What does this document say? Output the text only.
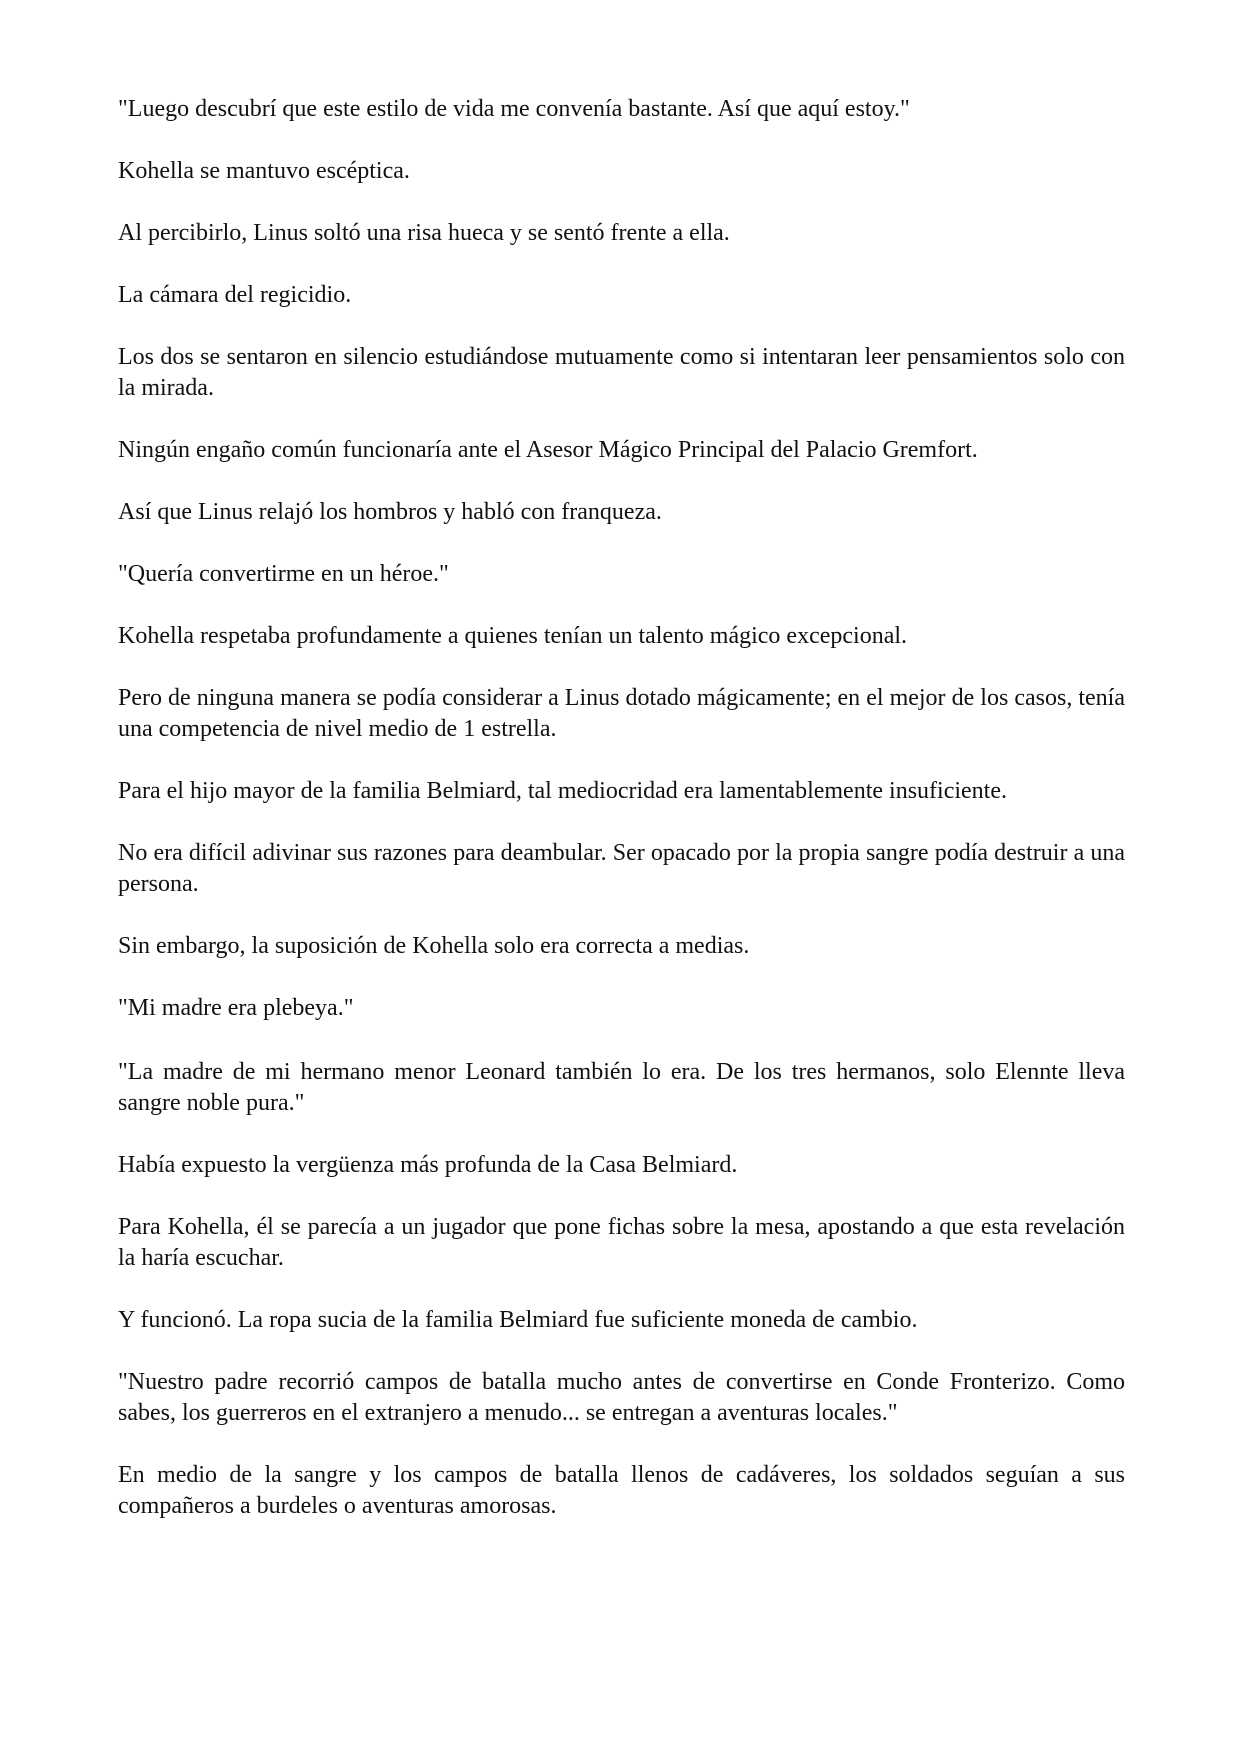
"Luego descubrí que este estilo de vida me convenía bastante. Así que aquí estoy."

Kohella se mantuvo escéptica.

Al percibirlo, Linus soltó una risa hueca y se sentó frente a ella.

La cámara del regicidio.

Los dos se sentaron en silencio estudiándose mutuamente como si intentaran leer pensamientos solo con la mirada.

Ningún engaño común funcionaría ante el Asesor Mágico Principal del Palacio Gremfort.

Así que Linus relajó los hombros y habló con franqueza.

"Quería convertirme en un héroe."

Kohella respetaba profundamente a quienes tenían un talento mágico excepcional.

Pero de ninguna manera se podía considerar a Linus dotado mágicamente; en el mejor de los casos, tenía una competencia de nivel medio de 1 estrella.

Para el hijo mayor de la familia Belmiard, tal mediocridad era lamentablemente insuficiente.

No era difícil adivinar sus razones para deambular. Ser opacado por la propia sangre podía destruir a una persona.

Sin embargo, la suposición de Kohella solo era correcta a medias.

"Mi madre era plebeya."

"La madre de mi hermano menor Leonard también lo era. De los tres hermanos, solo Elennte lleva sangre noble pura."

Había expuesto la vergüenza más profunda de la Casa Belmiard.

Para Kohella, él se parecía a un jugador que pone fichas sobre la mesa, apostando a que esta revelación la haría escuchar.

Y funcionó. La ropa sucia de la familia Belmiard fue suficiente moneda de cambio.

"Nuestro padre recorrió campos de batalla mucho antes de convertirse en Conde Fronterizo. Como sabes, los guerreros en el extranjero a menudo... se entregan a aventuras locales."

En medio de la sangre y los campos de batalla llenos de cadáveres, los soldados seguían a sus compañeros a burdeles o aventuras amorosas.
